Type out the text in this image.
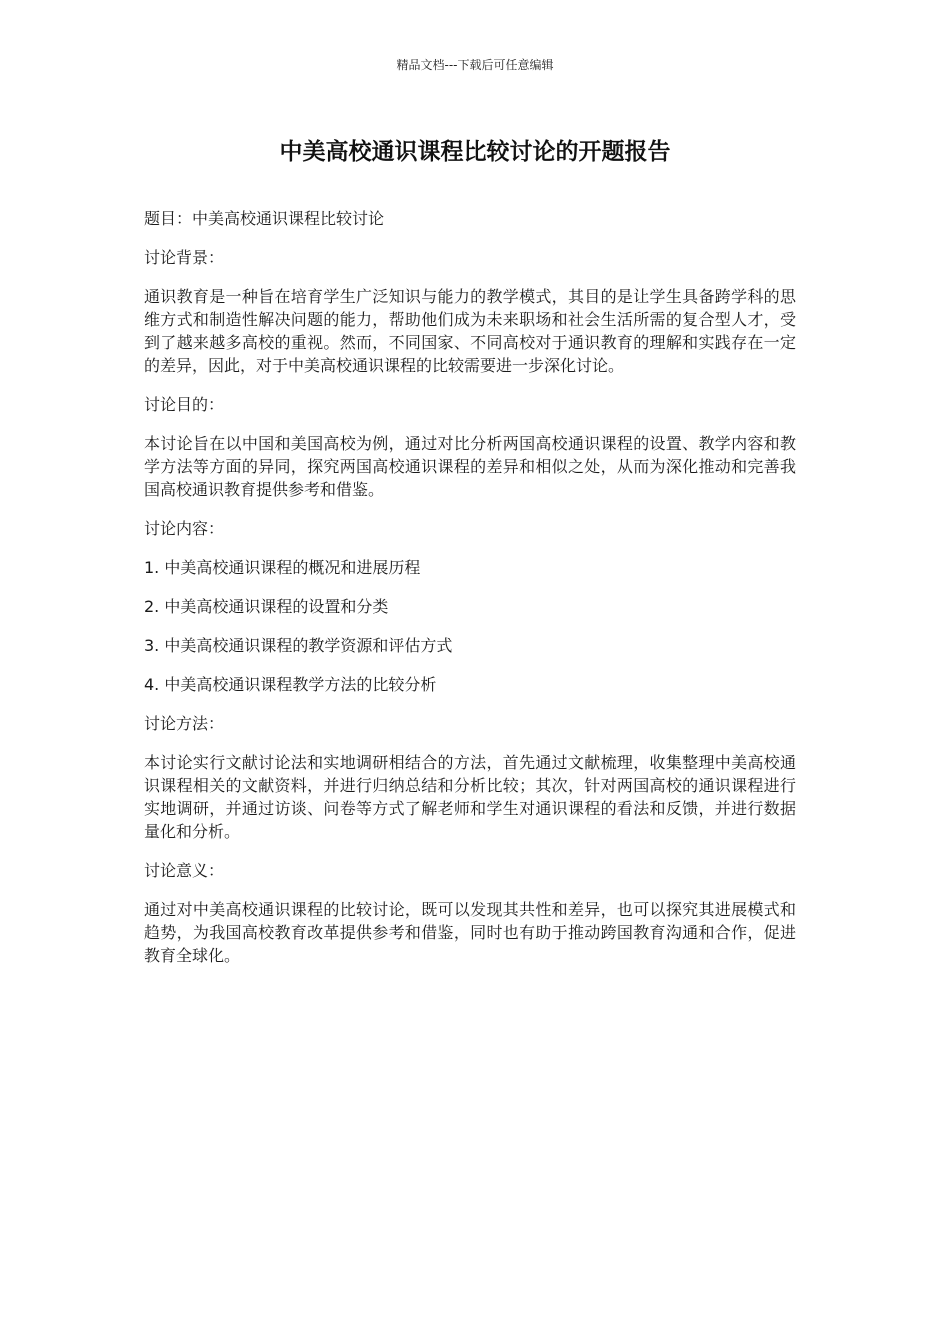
精品文档---下载后可任意编辑
中美高校通识课程比较讨论的开题报告

题目：中美高校通识课程比较讨论

讨论背景：

通识教育是一种旨在培育学生广泛知识与能力的教学模式，其目的是让学生具备跨学科的思维方式和制造性解决问题的能力，帮助他们成为未来职场和社会生活所需的复合型人才，受到了越来越多高校的重视。然而，不同国家、不同高校对于通识教育的理解和实践存在一定的差异，因此，对于中美高校通识课程的比较需要进一步深化讨论。

讨论目的：

本讨论旨在以中国和美国高校为例，通过对比分析两国高校通识课程的设置、教学内容和教学方法等方面的异同，探究两国高校通识课程的差异和相似之处，从而为深化推动和完善我国高校通识教育提供参考和借鉴。

讨论内容：

1. 中美高校通识课程的概况和进展历程

2. 中美高校通识课程的设置和分类

3. 中美高校通识课程的教学资源和评估方式

4. 中美高校通识课程教学方法的比较分析

讨论方法：

本讨论实行文献讨论法和实地调研相结合的方法，首先通过文献梳理，收集整理中美高校通识课程相关的文献资料，并进行归纳总结和分析比较；其次，针对两国高校的通识课程进行实地调研，并通过访谈、问卷等方式了解老师和学生对通识课程的看法和反馈，并进行数据量化和分析。

讨论意义：

通过对中美高校通识课程的比较讨论，既可以发现其共性和差异，也可以探究其进展模式和趋势，为我国高校教育改革提供参考和借鉴，同时也有助于推动跨国教育沟通和合作，促进教育全球化。
